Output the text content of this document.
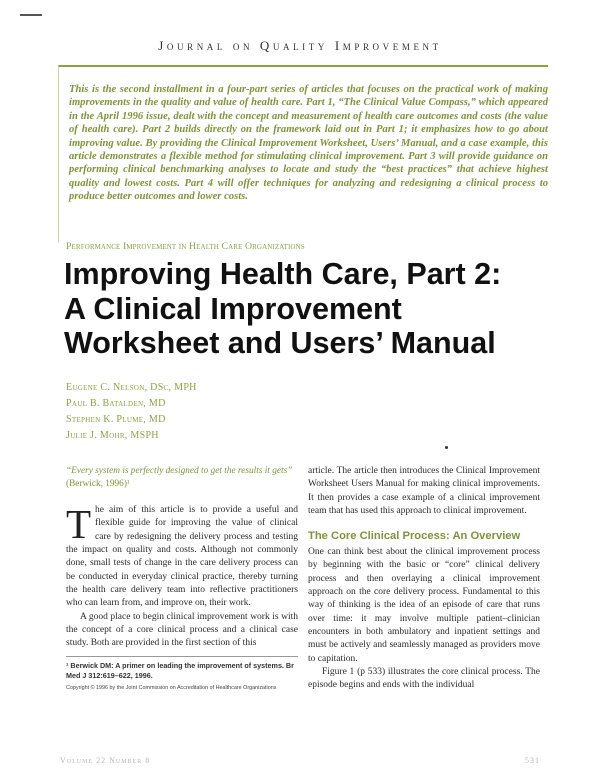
Journal on Quality Improvement

This is the second installment in a four-part series of articles that focuses on the practical work of making improvements in the quality and value of health care. Part 1, “The Clinical Value Compass,” which appeared in the April 1996 issue, dealt with the concept and measurement of health care outcomes and costs (the value of health care). Part 2 builds directly on the framework laid out in Part 1; it emphasizes how to go about improving value. By providing the Clinical Improvement Worksheet, Users’ Manual, and a case example, this article demonstrates a flexible method for stimulating clinical improvement. Part 3 will provide guidance on performing clinical benchmarking analyses to locate and study the “best practices” that achieve highest quality and lowest costs. Part 4 will offer techniques for analyzing and redesigning a clinical process to produce better outcomes and lower costs.

Performance Improvement in Health Care Organizations
Improving Health Care, Part 2:
A Clinical Improvement
Worksheet and Users’ Manual
Eugene C. Nelson, DSc, MPH
Paul B. Batalden, MD
Stephen K. Plume, MD
Julie J. Mohr, MSPH

“Every system is perfectly designed to get the results it gets”
(Berwick, 1996)¹

The aim of this article is to provide a useful and flexible guide for improving the value of clinical care by redesigning the delivery process and testing the impact on quality and costs. Although not commonly done, small tests of change in the care delivery process can be conducted in everyday clinical practice, thereby turning the health care delivery team into reflective practitioners who can learn from, and improve on, their work.

A good place to begin clinical improvement work is with the concept of a core clinical process and a clinical case study. Both are provided in the first section of this

¹ Berwick DM: A primer on leading the improvement of systems. Br Med J 312:619–622, 1996.

Copyright © 1996 by the Joint Commission on Accreditation of Healthcare Organizations

article. The article then introduces the Clinical Improvement Worksheet Users Manual for making clinical improvements. It then provides a case example of a clinical improvement team that has used this approach to clinical improvement.

The Core Clinical Process: An Overview

One can think best about the clinical improvement process by beginning with the basic or “core” clinical delivery process and then overlaying a clinical improvement approach on the core delivery process. Fundamental to this way of thinking is the idea of an episode of care that runs over time: it may involve multiple patient–clinician encounters in both ambulatory and inpatient settings and must be actively and seamlessly managed as providers move to capitation.

Figure 1 (p 533) illustrates the core clinical process. The episode begins and ends with the individual

Volume 22 Number 8	531
